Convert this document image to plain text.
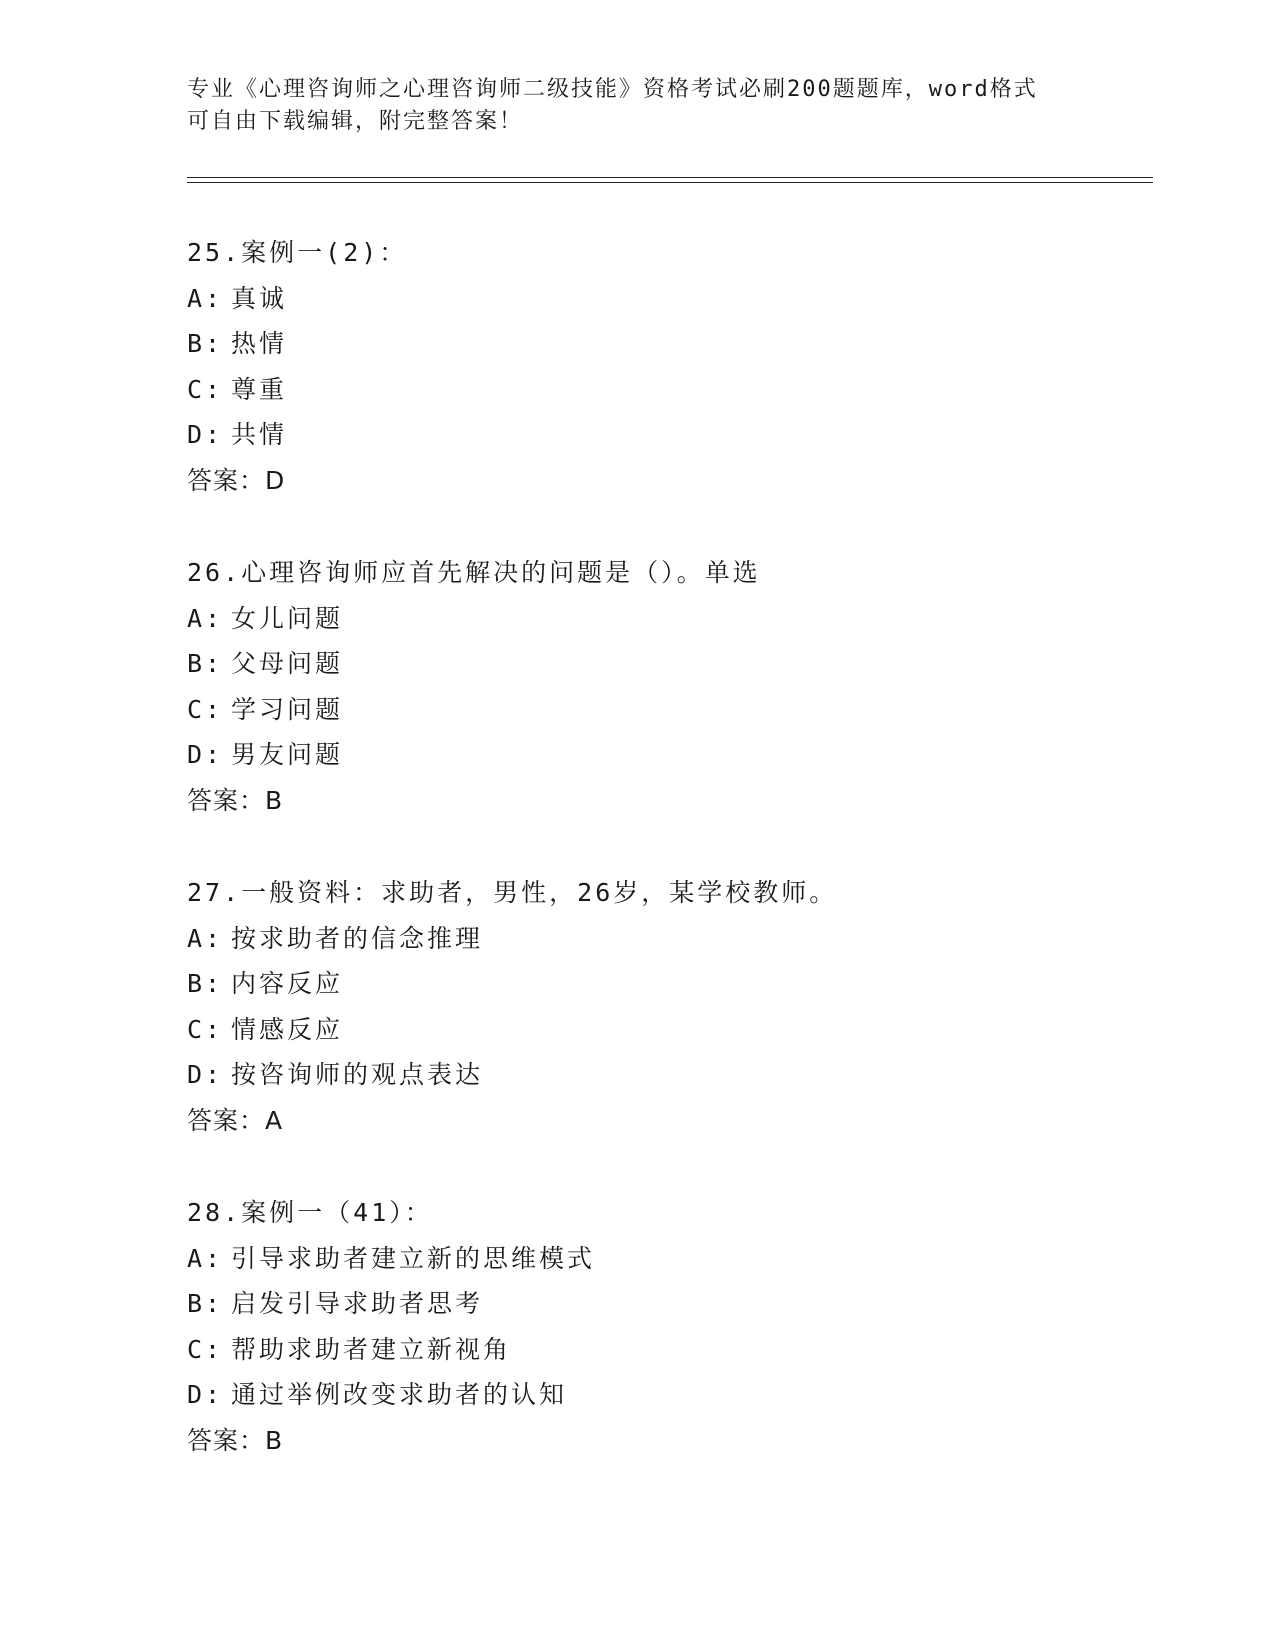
专业《心理咨询师之心理咨询师二级技能》资格考试必刷200题题库，word格式
可自由下载编辑，附完整答案！
25.案例一(2)：
A: 真诚
B: 热情
C: 尊重
D: 共情
答案：D
26.心理咨询师应首先解决的问题是（）。单选
A: 女儿问题
B: 父母问题
C: 学习问题
D: 男友问题
答案：B
27.一般资料：求助者，男性，26岁，某学校教师。
A: 按求助者的信念推理
B: 内容反应
C: 情感反应
D: 按咨询师的观点表达
答案：A
28.案例一（41）：
A: 引导求助者建立新的思维模式
B: 启发引导求助者思考
C: 帮助求助者建立新视角
D: 通过举例改变求助者的认知
答案：B
